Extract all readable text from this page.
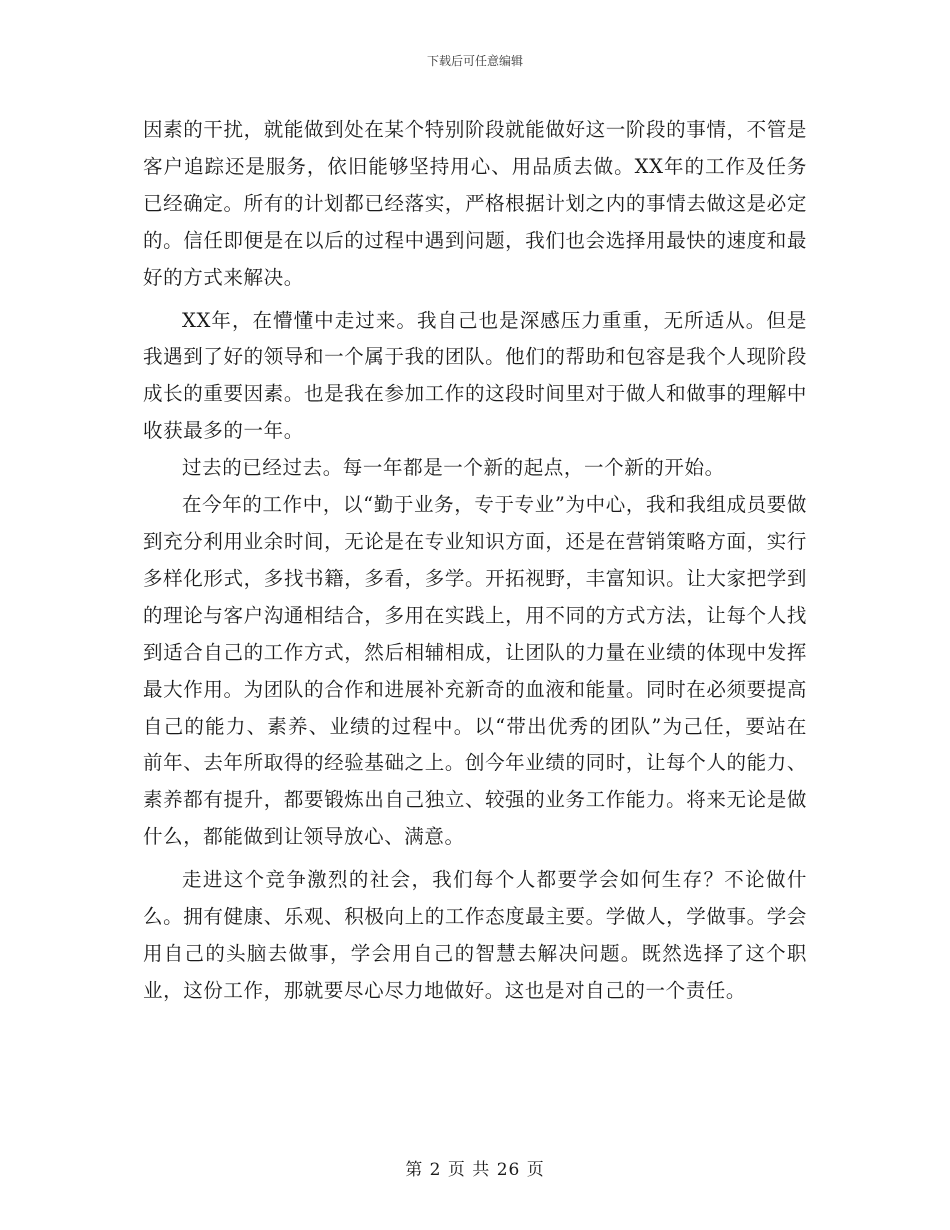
下载后可任意编辑

因素的干扰，就能做到处在某个特别阶段就能做好这一阶段的事情，不管是客户追踪还是服务，依旧能够坚持用心、用品质去做。XX年的工作及任务已经确定。所有的计划都已经落实，严格根据计划之内的事情去做这是必定的。信任即便是在以后的过程中遇到问题，我们也会选择用最快的速度和最好的方式来解决。

XX年，在懵懂中走过来。我自己也是深感压力重重，无所适从。但是我遇到了好的领导和一个属于我的团队。他们的帮助和包容是我个人现阶段成长的重要因素。也是我在参加工作的这段时间里对于做人和做事的理解中收获最多的一年。

过去的已经过去。每一年都是一个新的起点，一个新的开始。

在今年的工作中，以“勤于业务，专于专业”为中心，我和我组成员要做到充分利用业余时间，无论是在专业知识方面，还是在营销策略方面，实行多样化形式，多找书籍，多看，多学。开拓视野，丰富知识。让大家把学到的理论与客户沟通相结合，多用在实践上，用不同的方式方法，让每个人找到适合自己的工作方式，然后相辅相成，让团队的力量在业绩的体现中发挥最大作用。为团队的合作和进展补充新奇的血液和能量。同时在必须要提高自己的能力、素养、业绩的过程中。以“带出优秀的团队”为己任，要站在前年、去年所取得的经验基础之上。创今年业绩的同时，让每个人的能力、素养都有提升，都要锻炼出自己独立、较强的业务工作能力。将来无论是做什么，都能做到让领导放心、满意。

走进这个竞争激烈的社会，我们每个人都要学会如何生存？不论做什么。拥有健康、乐观、积极向上的工作态度最主要。学做人，学做事。学会用自己的头脑去做事，学会用自己的智慧去解决问题。既然选择了这个职业，这份工作，那就要尽心尽力地做好。这也是对自己的一个责任。

第 2 页 共 26 页
